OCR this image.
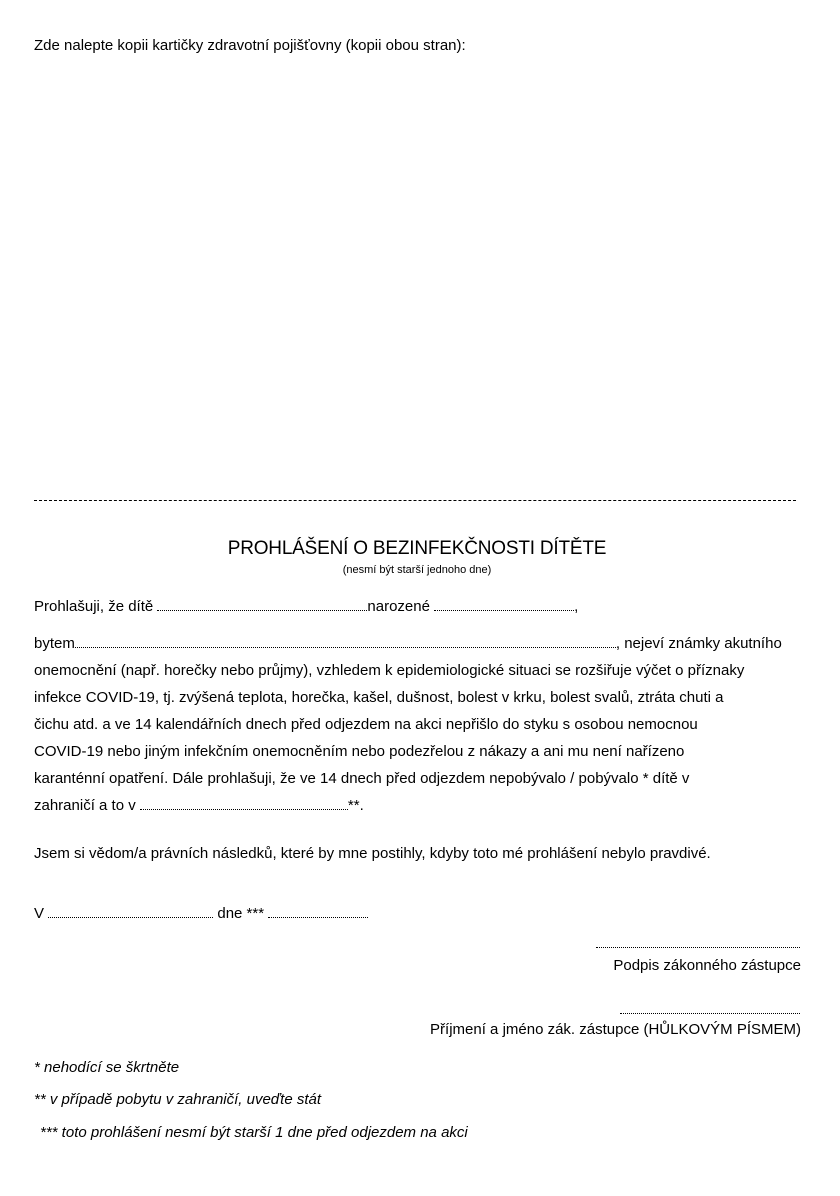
Zde nalepte kopii kartičky zdravotní pojišťovny (kopii obou stran):
PROHLÁŠENÍ O BEZINFEKČNOSTI DÍTĚTE
(nesmí být starší jednoho dne)
Prohlašuji, že dítě	narozené	,
bytem	, nejeví známky akutního
onemocnění (např. horečky nebo průjmy), vzhledem k epidemiologické situaci se rozšiřuje výčet o příznaky
infekce COVID-19, tj. zvýšená teplota, horečka, kašel, dušnost, bolest v krku, bolest svalů, ztráta chuti a
čichu atd. a ve 14 kalendářních dnech před odjezdem na akci nepřišlo do styku s osobou nemocnou
COVID-19 nebo jiným infekčním onemocněním nebo podezřelou z nákazy a ani mu není nařízeno
karanténní opatření. Dále prohlašuji, že ve 14 dnech před odjezdem nepobývalo / pobývalo * dítě v
zahraničí a to v	**.
Jsem si vědom/a právních následků, které by mne postihly, kdyby toto mé prohlášení nebylo pravdivé.
V	dne ***
Podpis zákonného zástupce
Příjmení a jméno zák. zástupce (HŮLKOVÝM PÍSMEM)
* nehodící se škrtněte
** v případě pobytu v zahraničí, uveďte stát
*** toto prohlášení nesmí být starší 1 dne před odjezdem na akci
